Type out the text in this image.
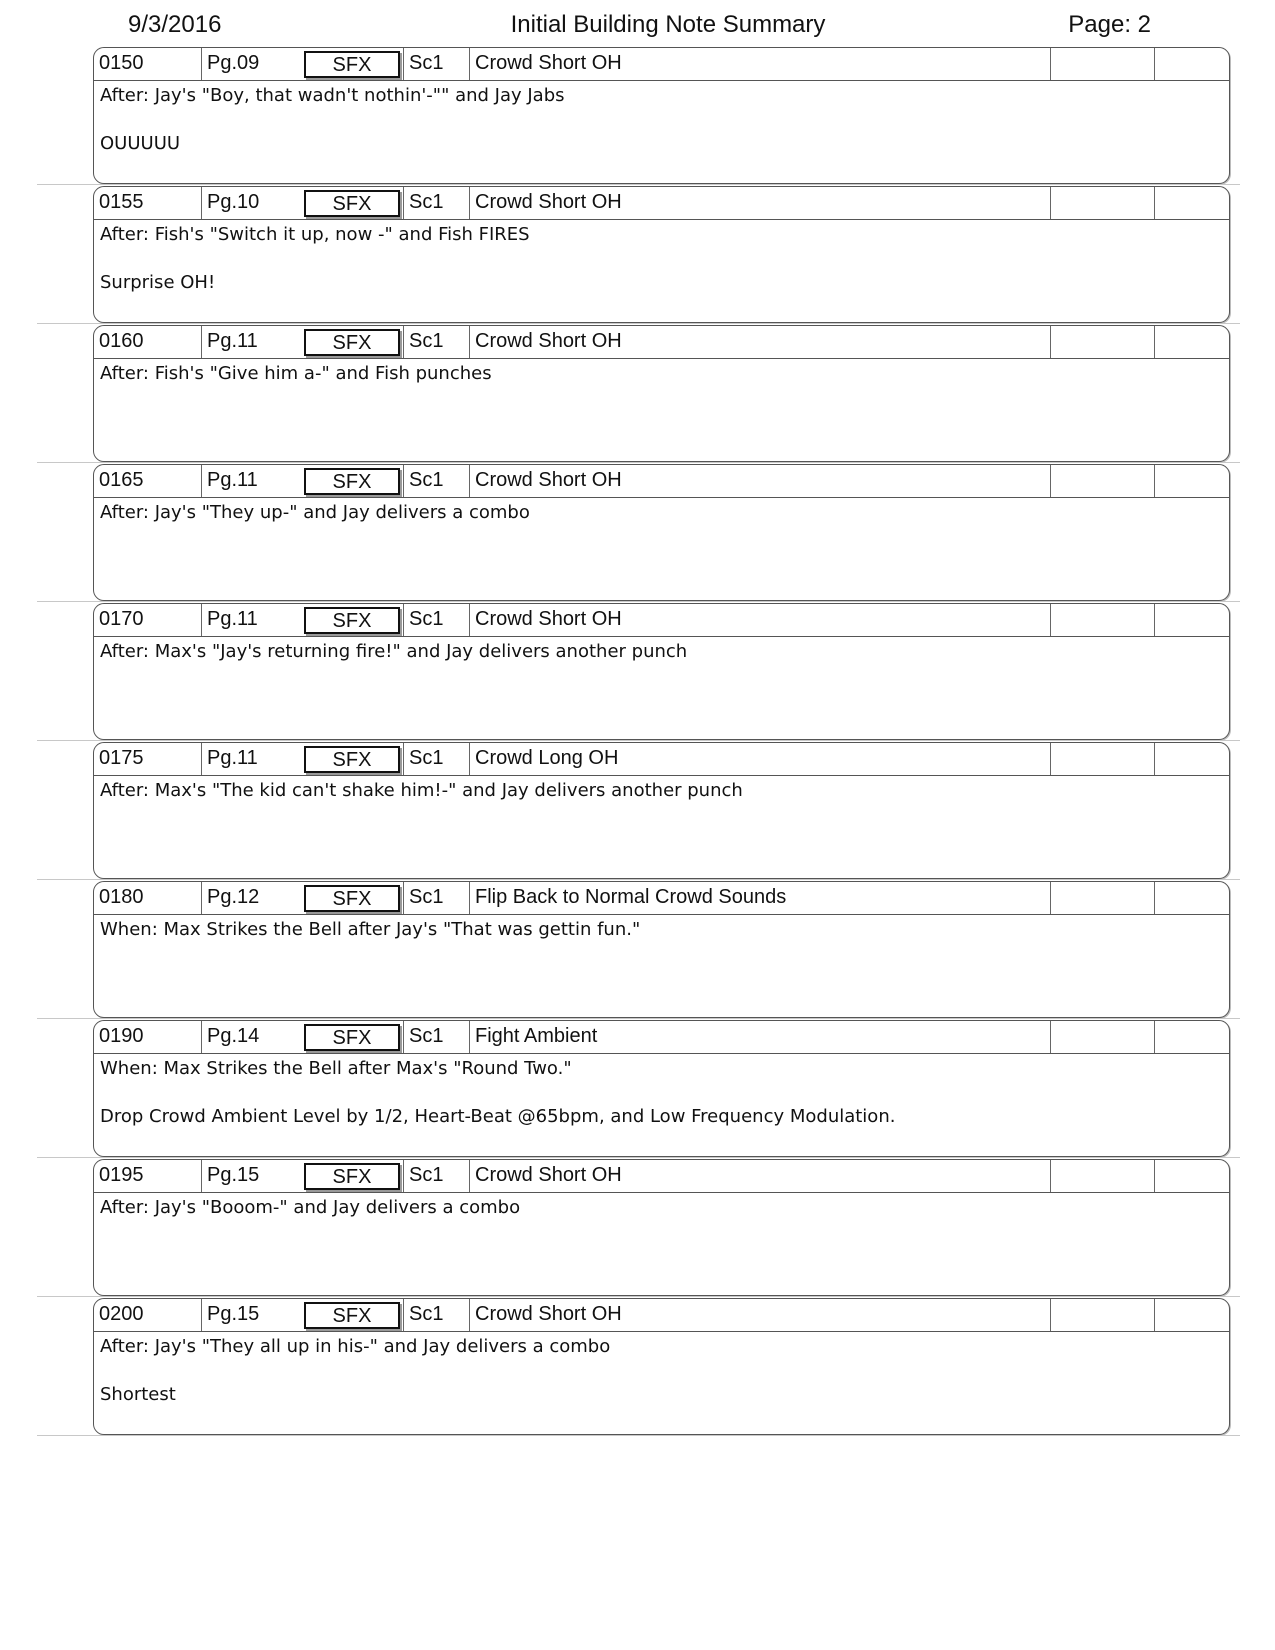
9/3/2016	Initial Building Note Summary	Page: 2
0150	Pg.09	SFX	Sc1	Crowd Short OH
After: Jay's "Boy, that wadn't nothin'-"" and Jay Jabs
OUUUUU
0155	Pg.10	SFX	Sc1	Crowd Short OH
After: Fish's "Switch it up, now -" and Fish FIRES
Surprise OH!
0160	Pg.11	SFX	Sc1	Crowd Short OH
After: Fish's "Give him a-" and Fish punches
0165	Pg.11	SFX	Sc1	Crowd Short OH
After: Jay's "They up-" and Jay delivers a combo
0170	Pg.11	SFX	Sc1	Crowd Short OH
After: Max's "Jay's returning fire!" and Jay delivers another punch
0175	Pg.11	SFX	Sc1	Crowd Long OH
After: Max's "The kid can't shake him!-" and Jay delivers another punch
0180	Pg.12	SFX	Sc1	Flip Back to Normal Crowd Sounds
When: Max Strikes the Bell after Jay's "That was gettin fun."
0190	Pg.14	SFX	Sc1	Fight Ambient
When: Max Strikes the Bell after Max's "Round Two."
Drop Crowd Ambient Level by 1/2, Heart-Beat @65bpm, and Low Frequency Modulation.
0195	Pg.15	SFX	Sc1	Crowd Short OH
After: Jay's "Booom-" and Jay delivers a combo
0200	Pg.15	SFX	Sc1	Crowd Short OH
After: Jay's "They all up in his-" and Jay delivers a combo
Shortest
